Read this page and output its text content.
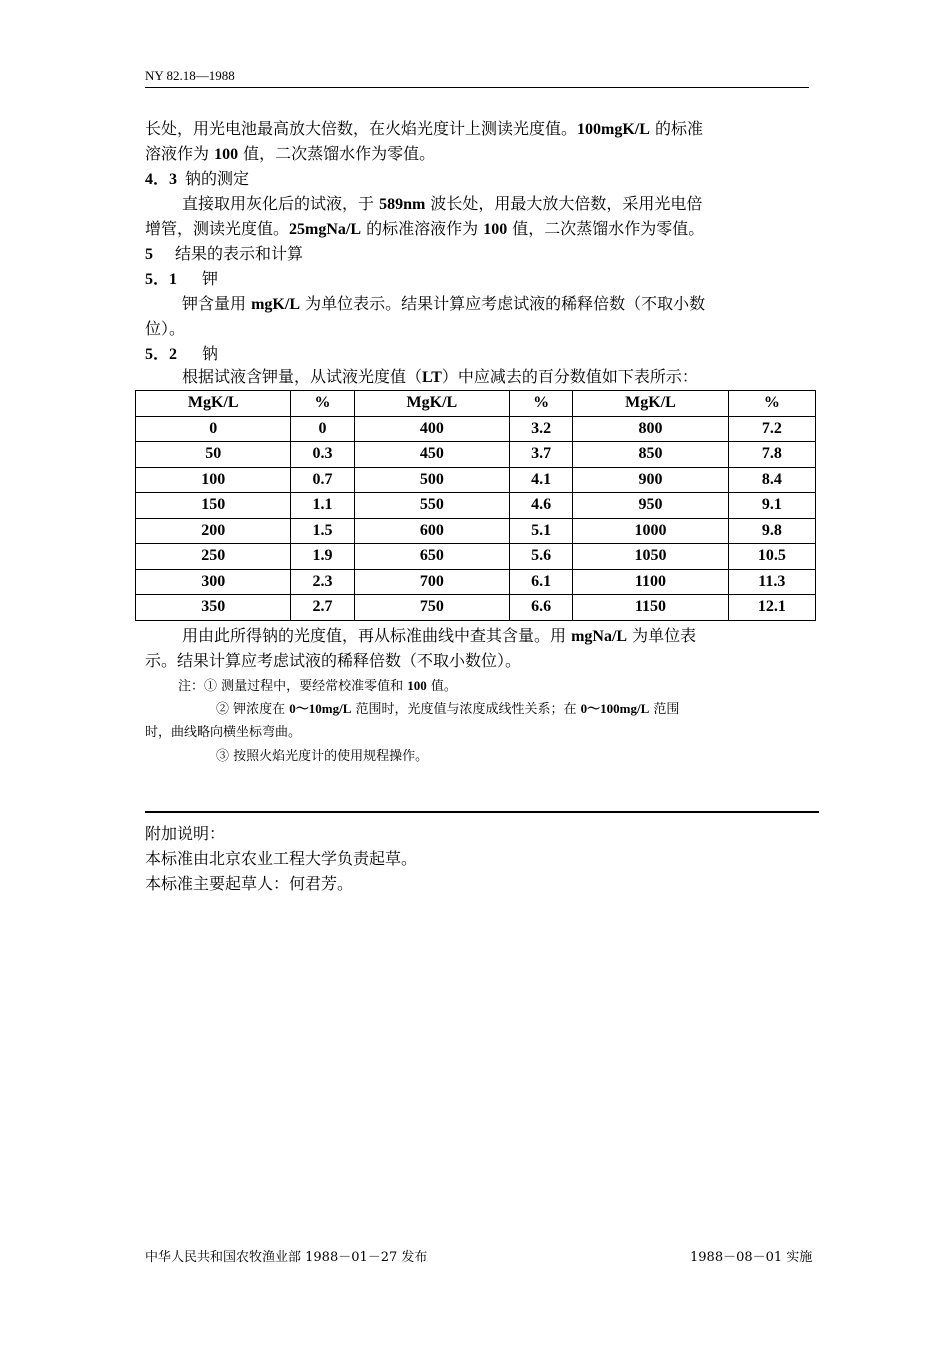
NY 82.18—1988
长处，用光电池最高放大倍数，在火焰光度计上测读光度值。100mgK/L 的标准
溶液作为 100 值，二次蒸馏水作为零值。
4．3 钠的测定
直接取用灰化后的试液，于 589nm 波长处，用最大放大倍数，采用光电倍
增管，测读光度值。25mgNa/L 的标准溶液作为 100 值，二次蒸馏水作为零值。
5 结果的表示和计算
5．1 钾
钾含量用 mgK/L 为单位表示。结果计算应考虑试液的稀释倍数（不取小数
位）。
5．2 钠
根据试液含钾量，从试液光度值（LT）中应减去的百分数值如下表所示：
MgK/L	%	MgK/L	%	MgK/L	%
0	0	400	3.2	800	7.2
50	0.3	450	3.7	850	7.8
100	0.7	500	4.1	900	8.4
150	1.1	550	4.6	950	9.1
200	1.5	600	5.1	1000	9.8
250	1.9	650	5.6	1050	10.5
300	2.3	700	6.1	1100	11.3
350	2.7	750	6.6	1150	12.1
用由此所得钠的光度值，再从标准曲线中查其含量。用 mgNa/L 为单位表
示。结果计算应考虑试液的稀释倍数（不取小数位）。
注：① 测量过程中，要经常校准零值和 100 值。
② 钾浓度在 0～10mg/L 范围时，光度值与浓度成线性关系；在 0～100mg/L 范围
时，曲线略向横坐标弯曲。
③ 按照火焰光度计的使用规程操作。
附加说明：
本标准由北京农业工程大学负责起草。
本标准主要起草人：何君芳。
中华人民共和国农牧渔业部 1988－01－27 发布	1988－08－01 实施
